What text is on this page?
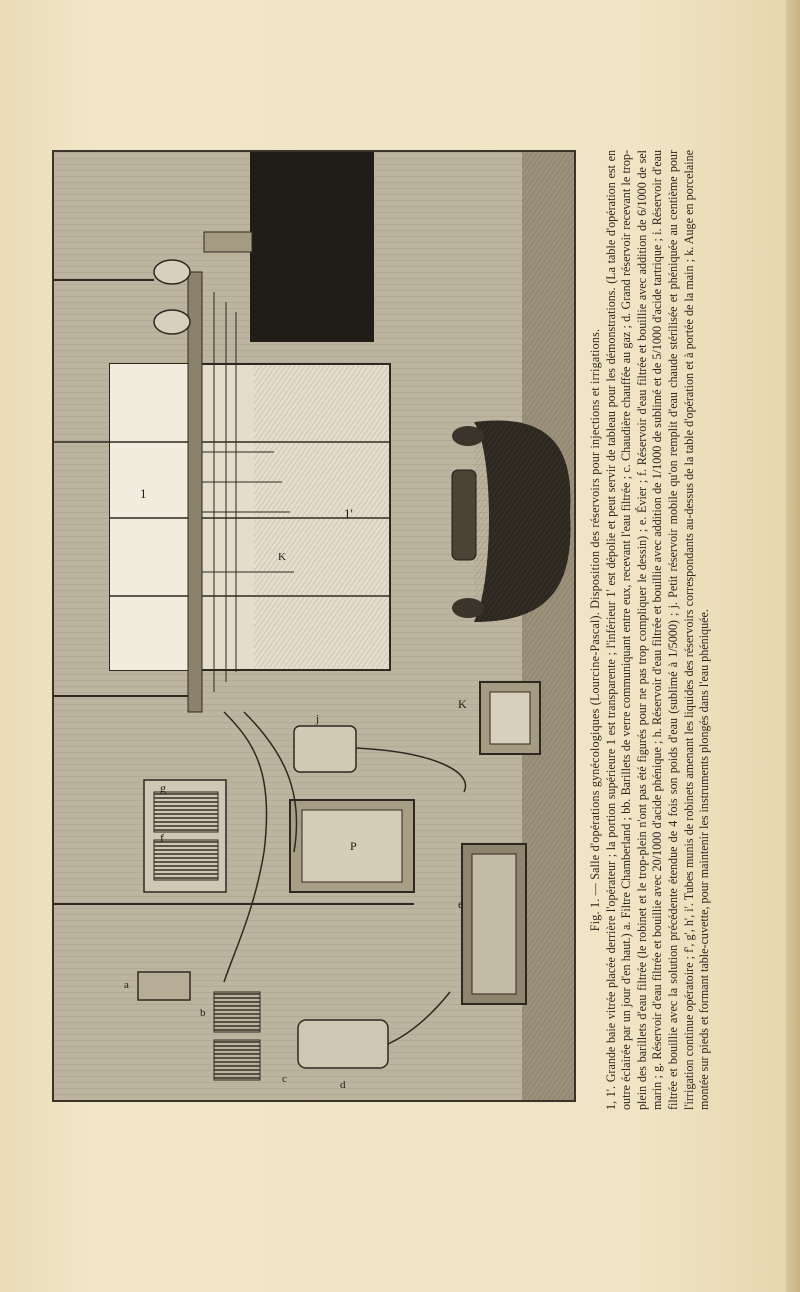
1
1'
K
f
g
P
j
a
b
c	d
e
K	Fig. 1. — Salle d'opérations gynécologiques (Lourcine-Pascal). Disposition des réservoirs pour injections et irrigations. 1, 1'. Grande baie vitrée placée derrière l'opérateur ; la portion supérieure 1 est transparente ; l'inférieur 1' est dépolie et peut servir de tableau pour les démonstrations. (La table d'opération est en outre éclairée par un jour d'en haut.) a. Filtre Chamberland ; bb. Barillets de verre communiquant entre eux, recevant l'eau filtrée ; c. Chaudière chauffée au gaz ; d. Grand réservoir recevant le trop-plein des barillets d'eau filtrée (le robinet et le trop-plein n'ont pas été figurés pour ne pas trop compliquer le dessin) ; e. Évier ; f. Réservoir d'eau filtrée et bouillie avec addition de 6/1000 de sel marin ; g. Réservoir d'eau filtrée et bouillie avec 20/1000 d'acide phénique ; h. Réservoir d'eau filtrée et bouillie avec addition de 1/1000 de sublimé et de 5/1000 d'acide tartrique ; i. Réservoir d'eau filtrée et bouillie avec la solution précédente étendue de 4 fois son poids d'eau (sublimé à 1/5000) ; j. Petit réservoir mobile qu'on remplit d'eau chaude stérilisée et phéniquée au centième pour l'irrigation continue opératoire ; f', g', h', i'. Tubes munis de robinets amenant les liquides des réservoirs correspondants au-dessus de la table d'opération et à portée de la main ; k. Auge en porcelaine montée sur pieds et formant table-cuvette, pour maintenir les instruments plongés dans l'eau phéniquée.
